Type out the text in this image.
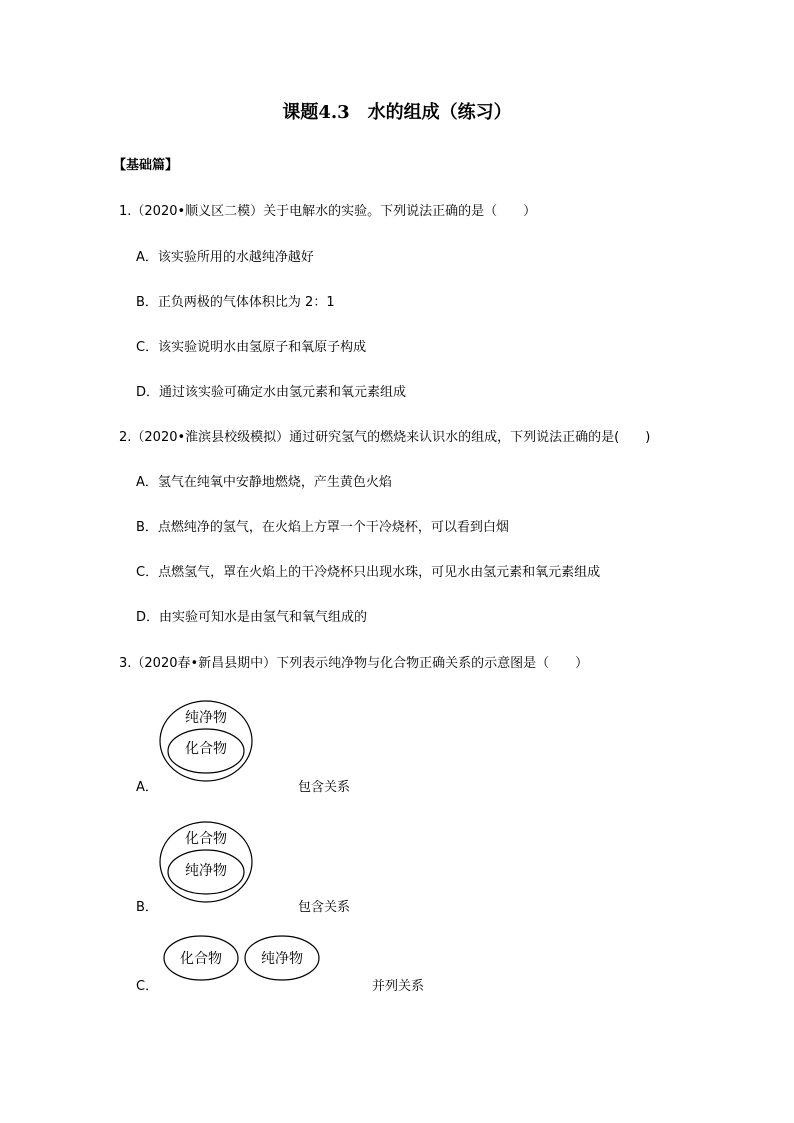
课题4.3　水的组成（练习）
【基础篇】
1.（2020•顺义区二模）关于电解水的实验。下列说法正确的是（　　）
A．该实验所用的水越纯净越好
B．正负两极的气体体积比为 2：1
C．该实验说明水由氢原子和氧原子构成
D．通过该实验可确定水由氢元素和氧元素组成
2.（2020•淮滨县校级模拟）通过研究氢气的燃烧来认识水的组成，下列说法正确的是(　　)
A．氢气在纯氧中安静地燃烧，产生黄色火焰
B．点燃纯净的氢气，在火焰上方罩一个干冷烧杯，可以看到白烟
C．点燃氢气，罩在火焰上的干冷烧杯只出现水珠，可见水由氢元素和氧元素组成
D．由实验可知水是由氢气和氧气组成的
3.（2020春•新昌县期中）下列表示纯净物与化合物正确关系的示意图是（　　）
纯净物
化合物
A．	包含关系
化合物
纯净物
B．	包含关系
化合物	纯净物
C．	并列关系
